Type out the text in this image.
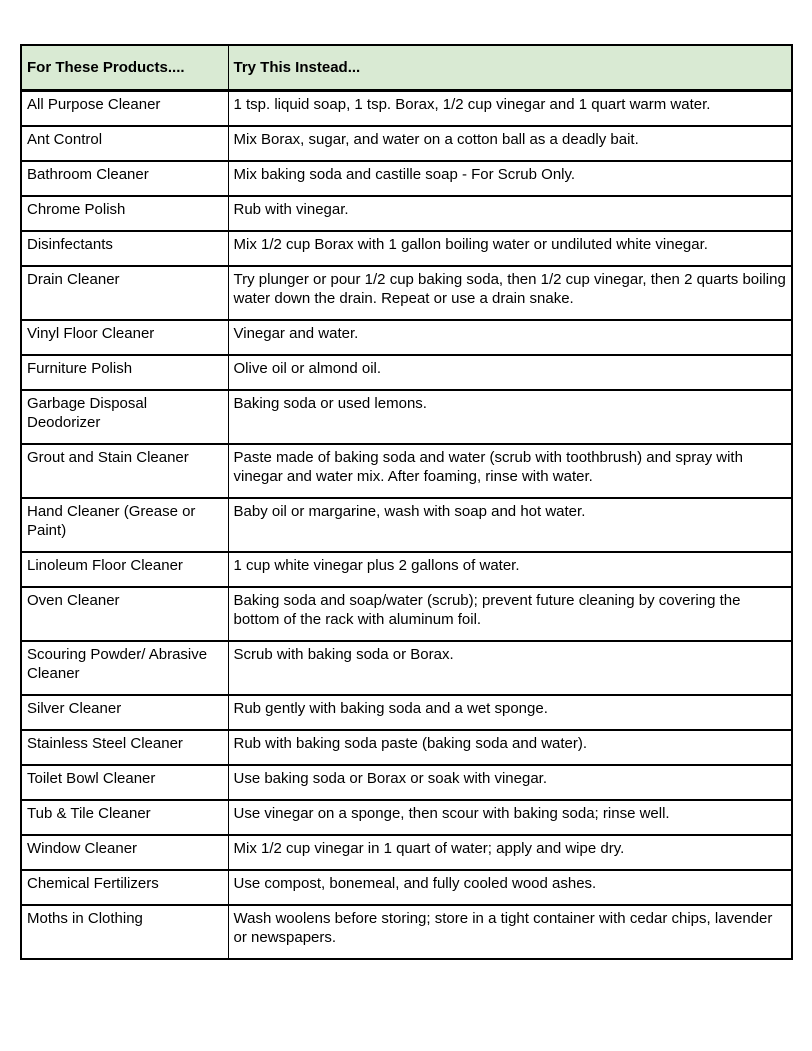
For These Products....	Try This Instead...
All Purpose Cleaner	1 tsp. liquid soap, 1 tsp. Borax, 1/2 cup vinegar and 1 quart warm water.
Ant Control	Mix Borax, sugar, and water on a cotton ball as a deadly bait.
Bathroom Cleaner	Mix baking soda and castille soap - For Scrub Only.
Chrome Polish	Rub with vinegar.
Disinfectants	Mix 1/2 cup Borax with 1 gallon boiling water or undiluted white vinegar.
Drain Cleaner	Try plunger or pour 1/2 cup baking soda, then 1/2 cup vinegar, then 2 quarts boiling water down the drain. Repeat or use a drain snake.
Vinyl Floor Cleaner	Vinegar and water.
Furniture Polish	Olive oil or almond oil.
Garbage Disposal Deodorizer	Baking soda or used lemons.
Grout and Stain Cleaner	Paste made of baking soda and water (scrub with toothbrush) and spray with vinegar and water mix. After foaming, rinse with water.
Hand Cleaner (Grease or Paint)	Baby oil or margarine, wash with soap and hot water.
Linoleum Floor Cleaner	1 cup white vinegar plus 2 gallons of water.
Oven Cleaner	Baking soda and soap/water (scrub); prevent future cleaning by covering the bottom of the rack with aluminum foil.
Scouring Powder/ Abrasive Cleaner	Scrub with baking soda or Borax.
Silver Cleaner	Rub gently with baking soda and a wet sponge.
Stainless Steel Cleaner	Rub with baking soda paste (baking soda and water).
Toilet Bowl Cleaner	Use baking soda or Borax or soak with vinegar.
Tub & Tile Cleaner	Use vinegar on a sponge, then scour with baking soda; rinse well.
Window Cleaner	Mix 1/2 cup vinegar in 1 quart of water; apply and wipe dry.
Chemical Fertilizers	Use compost, bonemeal, and fully cooled wood ashes.
Moths in Clothing	Wash woolens before storing; store in a tight container with cedar chips, lavender or newspapers.
